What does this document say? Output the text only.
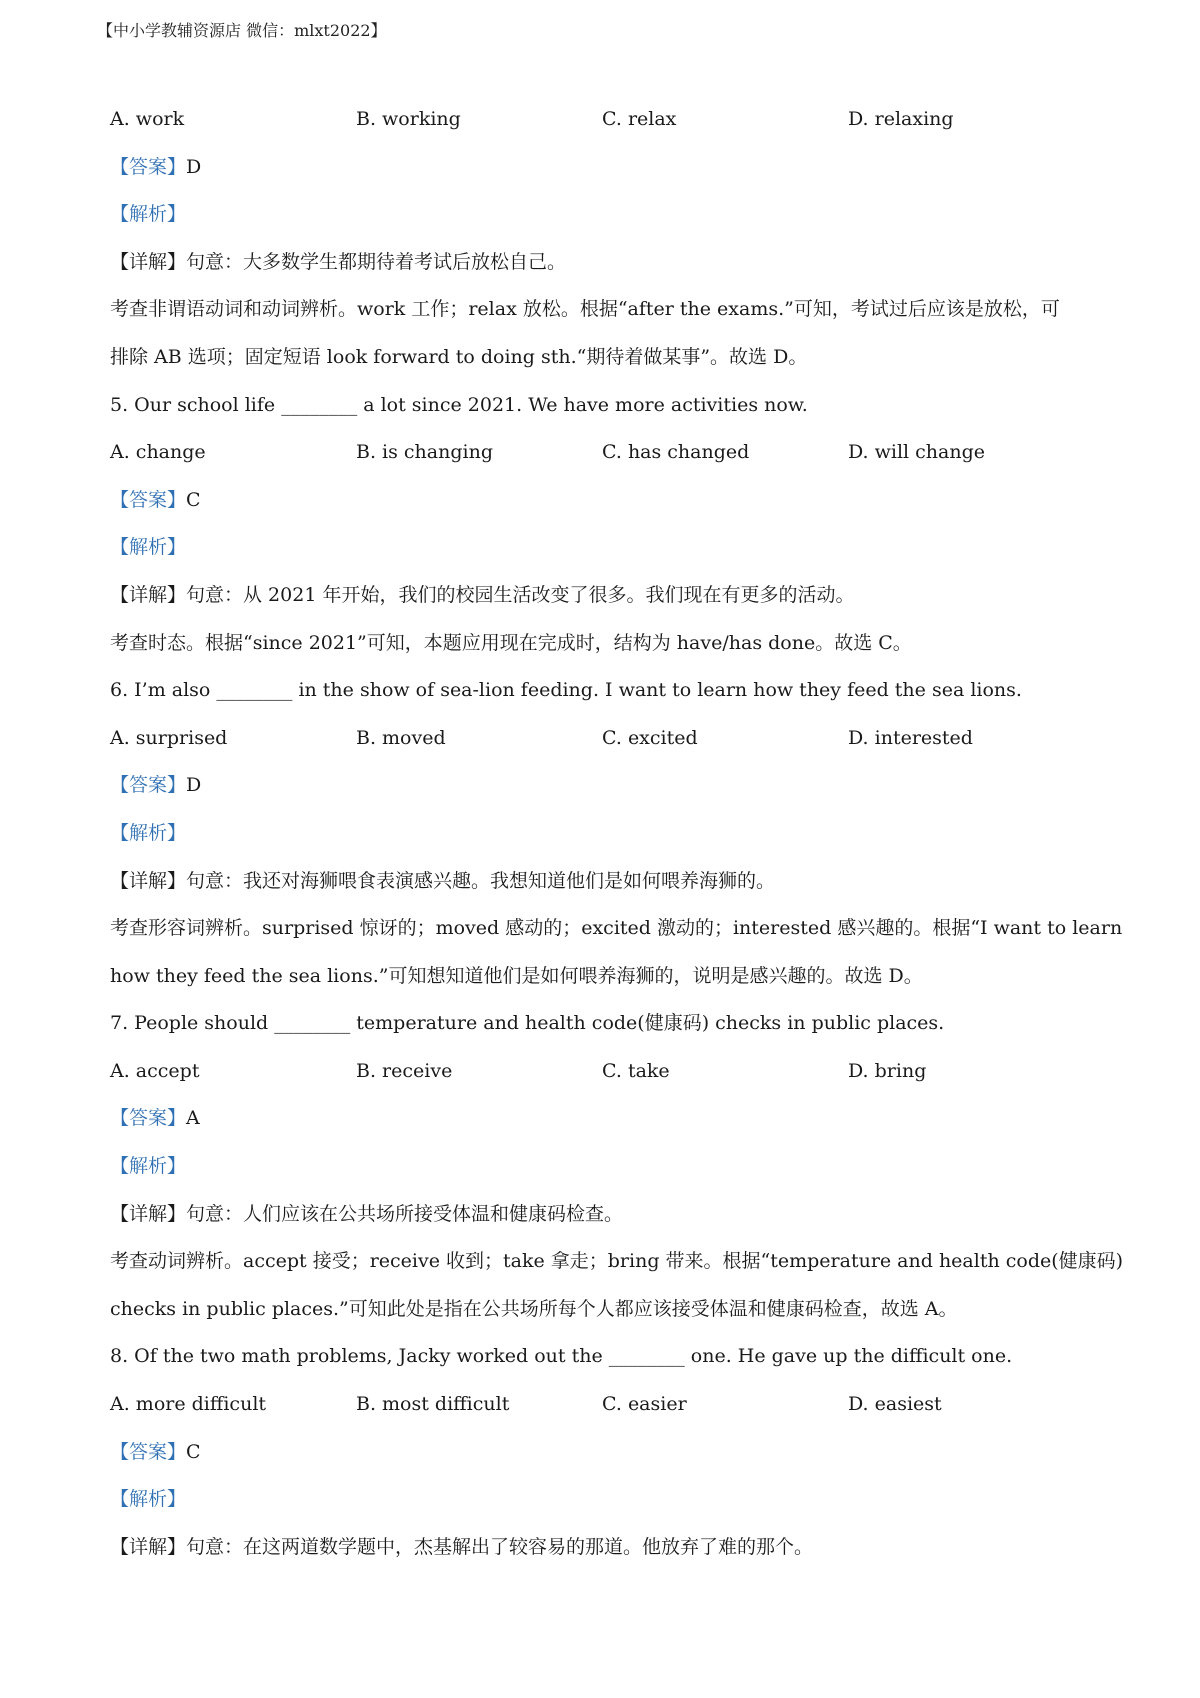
【中小学教辅资源店 微信：mlxt2022】
A. work	B. working	C. relax	D. relaxing
【答案】D
【解析】
【详解】句意：大多数学生都期待着考试后放松自己。
考查非谓语动词和动词辨析。work 工作；relax 放松。根据“after the exams.”可知，考试过后应该是放松，可
排除 AB 选项；固定短语 look forward to doing sth.“期待着做某事”。故选 D。
5. Our school life ________ a lot since 2021. We have more activities now.
A. change	B. is changing	C. has changed	D. will change
【答案】C
【解析】
【详解】句意：从 2021 年开始，我们的校园生活改变了很多。我们现在有更多的活动。
考查时态。根据“since 2021”可知，本题应用现在完成时，结构为 have/has done。故选 C。
6. I’m also ________ in the show of sea-lion feeding. I want to learn how they feed the sea lions.
A. surprised	B. moved	C. excited	D. interested
【答案】D
【解析】
【详解】句意：我还对海狮喂食表演感兴趣。我想知道他们是如何喂养海狮的。
考查形容词辨析。surprised 惊讶的；moved 感动的；excited 激动的；interested 感兴趣的。根据“I want to learn
how they feed the sea lions.”可知想知道他们是如何喂养海狮的，说明是感兴趣的。故选 D。
7. People should ________ temperature and health code(健康码) checks in public places.
A. accept	B. receive	C. take	D. bring
【答案】A
【解析】
【详解】句意：人们应该在公共场所接受体温和健康码检查。
考查动词辨析。accept 接受；receive 收到；take 拿走；bring 带来。根据“temperature and health code(健康码)
checks in public places.”可知此处是指在公共场所每个人都应该接受体温和健康码检查，故选 A。
8. Of the two math problems, Jacky worked out the ________ one. He gave up the difficult one.
A. more difficult	B. most difficult	C. easier	D. easiest
【答案】C
【解析】
【详解】句意：在这两道数学题中，杰基解出了较容易的那道。他放弃了难的那个。
